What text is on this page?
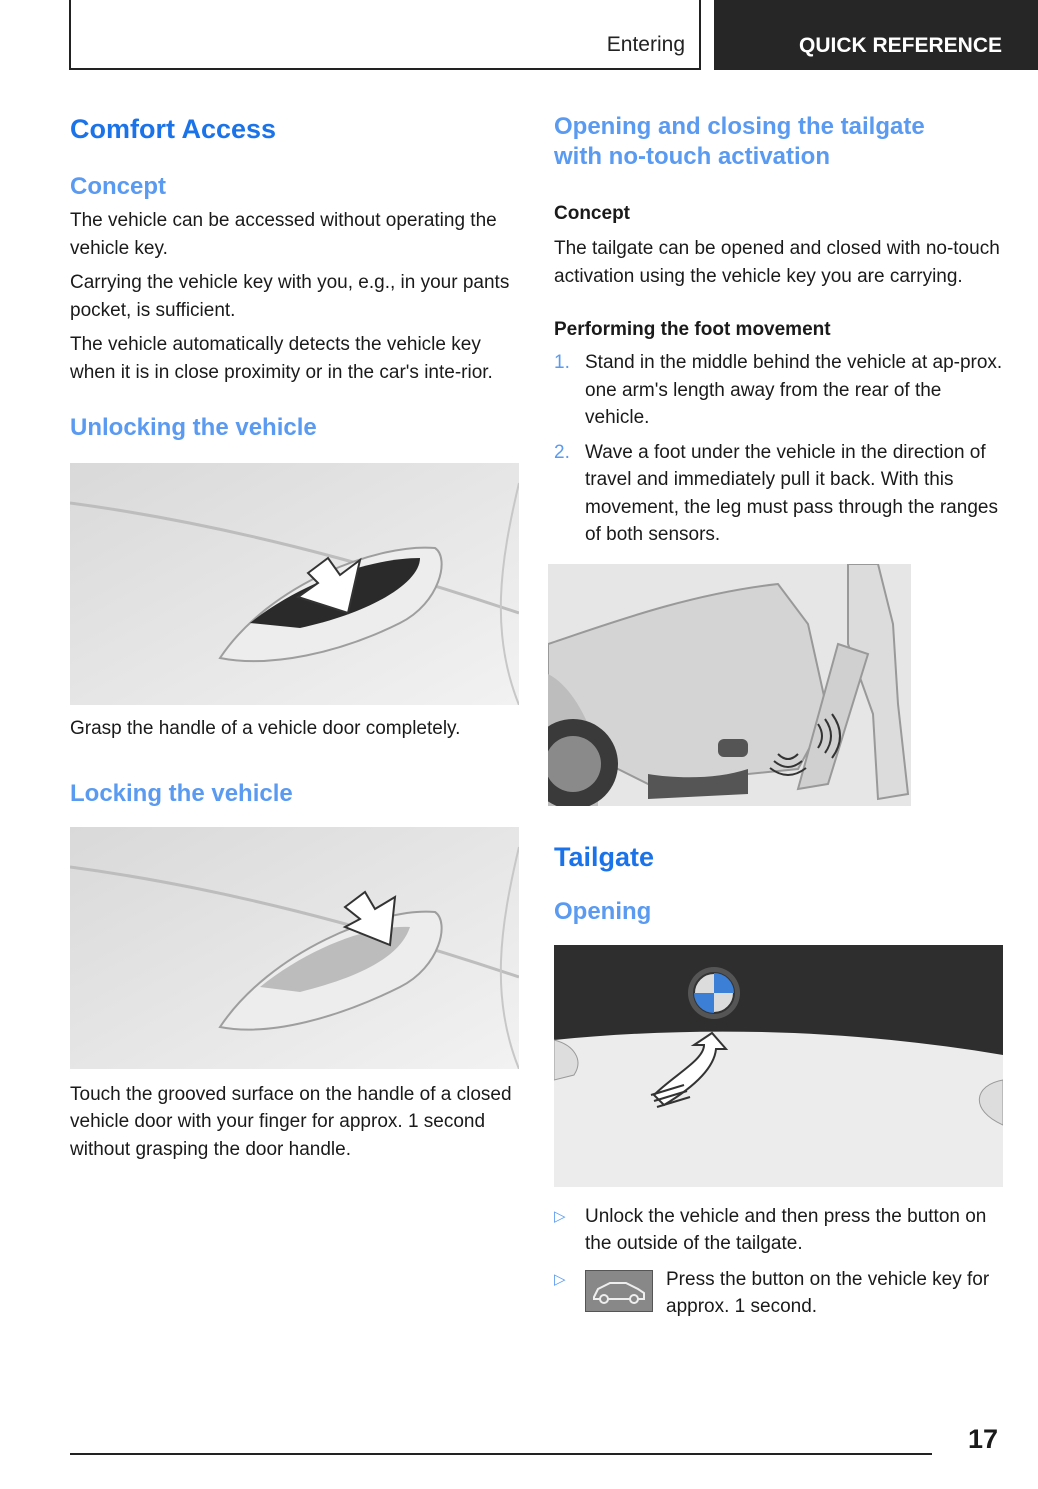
Entering	QUICK REFERENCE
Comfort Access
Concept

The vehicle can be accessed without operating the vehicle key.

Carrying the vehicle key with you, e.g., in your pants pocket, is sufficient.

The vehicle automatically detects the vehicle key when it is in close proximity or in the car's inte-rior.

Unlocking the vehicle

Grasp the handle of a vehicle door completely.

Locking the vehicle

Touch the grooved surface on the handle of a closed vehicle door with your finger for approx. 1 second without grasping the door handle.

Opening and closing the tailgate with no-touch activation
Concept

The tailgate can be opened and closed with no-touch activation using the vehicle key you are carrying.

Performing the foot movement
1. Stand in the middle behind the vehicle at ap-prox. one arm's length away from the rear of the vehicle.
2. Wave a foot under the vehicle in the direction of travel and immediately pull it back. With this movement, the leg must pass through the ranges of both sensors.
Tailgate
Opening
▷ Unlock the vehicle and then press the button on the outside of the tailgate.
▷	Press the button on the vehicle key for approx. 1 second.
17
